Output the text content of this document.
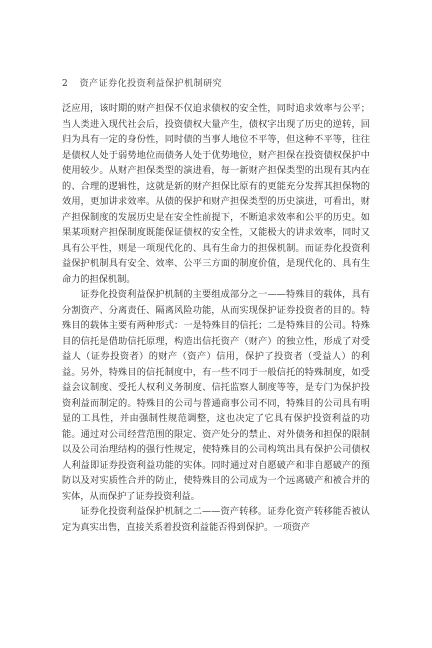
2 资产证券化投资利益保护机制研究

泛应用，该时期的财产担保不仅追求债权的安全性，同时追求效率与公平；当人类进入现代社会后，投资债权大量产生，债权字出现了历史的逆转，回归为具有一定的身份性，同时债的当事人地位不平等，但这种不平等，往往是债权人处于弱势地位而债务人处于优势地位，财产担保在投资债权保护中使用较少。从财产担保类型的演进看，每一新财产担保类型的出现有其内在的、合理的逻辑性，这就是新的财产担保比原有的更能充分发挥其担保物的效用，更加讲求效率。从债的保护和财产担保类型的历史演进，可看出，财产担保制度的发展历史是在安全性前提下，不断追求效率和公平的历史。如果某项财产担保制度既能保证债权的安全性，又能极大的讲求效率，同时又具有公平性，则是一项现代化的、具有生命力的担保机制。而证券化投资利益保护机制具有安全、效率、公平三方面的制度价值，是现代化的、具有生命力的担保机制。

证券化投资利益保护机制的主要组成部分之一——特殊目的载体，具有分割资产、分离责任、隔离风险功能，从而实现保护证券投资者的目的。特殊目的载体主要有两种形式：一是特殊目的信托；二是特殊目的公司。特殊目的信托是借助信托原理，构造出信托资产（财产）的独立性，形成了对受益人（证券投资者）的财产（资产）信用，保护了投资者（受益人）的利益。另外，特殊目的信托制度中，有一些不同于一般信托的特殊制度，如受益会议制度、受托人权利义务制度、信托监察人制度等等，是专门为保护投资利益而制定的。特殊目的公司与普通商事公司不同，特殊目的公司具有明显的工具性，并由强制性规范调整，这也决定了它具有保护投资利益的功能。通过对公司经营范围的限定、资产处分的禁止、对外债务和担保的限制以及公司治理结构的强行性规定，使特殊目的公司构筑出具有保护公司债权人利益即证券投资利益功能的实体。同时通过对自愿破产和非自愿破产的预防以及对实质性合并的防止，使特殊目的公司成为一个远离破产和被合并的实体，从而保护了证券投资利益。

证券化投资利益保护机制之二——资产转移。证券化资产转移能否被认定为真实出售，直接关系着投资利益能否得到保护。一项资产
